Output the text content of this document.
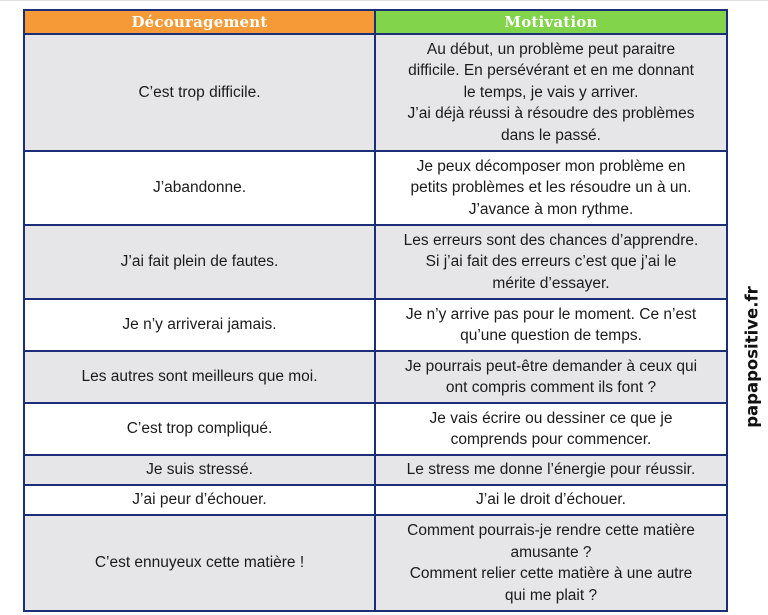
Découragement	Motivation
C’est trop difficile.	Au début, un problème peut paraitre
difficile. En persévérant et en me donnant
le temps, je vais y arriver.
J’ai déjà réussi à résoudre des problèmes
dans le passé.

J’abandonne.	Je peux décomposer mon problème en
petits problèmes et les résoudre un à un.
J’avance à mon rythme.

J’ai fait plein de fautes.	Les erreurs sont des chances d’apprendre.
Si j’ai fait des erreurs c’est que j’ai le
mérite d’essayer.

Je n’y arriverai jamais.	Je n’y arrive pas pour le moment. Ce n’est
qu’une question de temps.

Les autres sont meilleurs que moi.	Je pourrais peut-être demander à ceux qui
ont compris comment ils font ?

C’est trop compliqué.	Je vais écrire ou dessiner ce que je
comprends pour commencer.

Je suis stressé.	Le stress me donne l’énergie pour réussir.

J’ai peur d’échouer.	J’ai le droit d’échouer.

C’est ennuyeux cette matière !	Comment pourrais-je rendre cette matière
amusante ?
Comment relier cette matière à une autre
qui me plait ?
papapositive.fr
